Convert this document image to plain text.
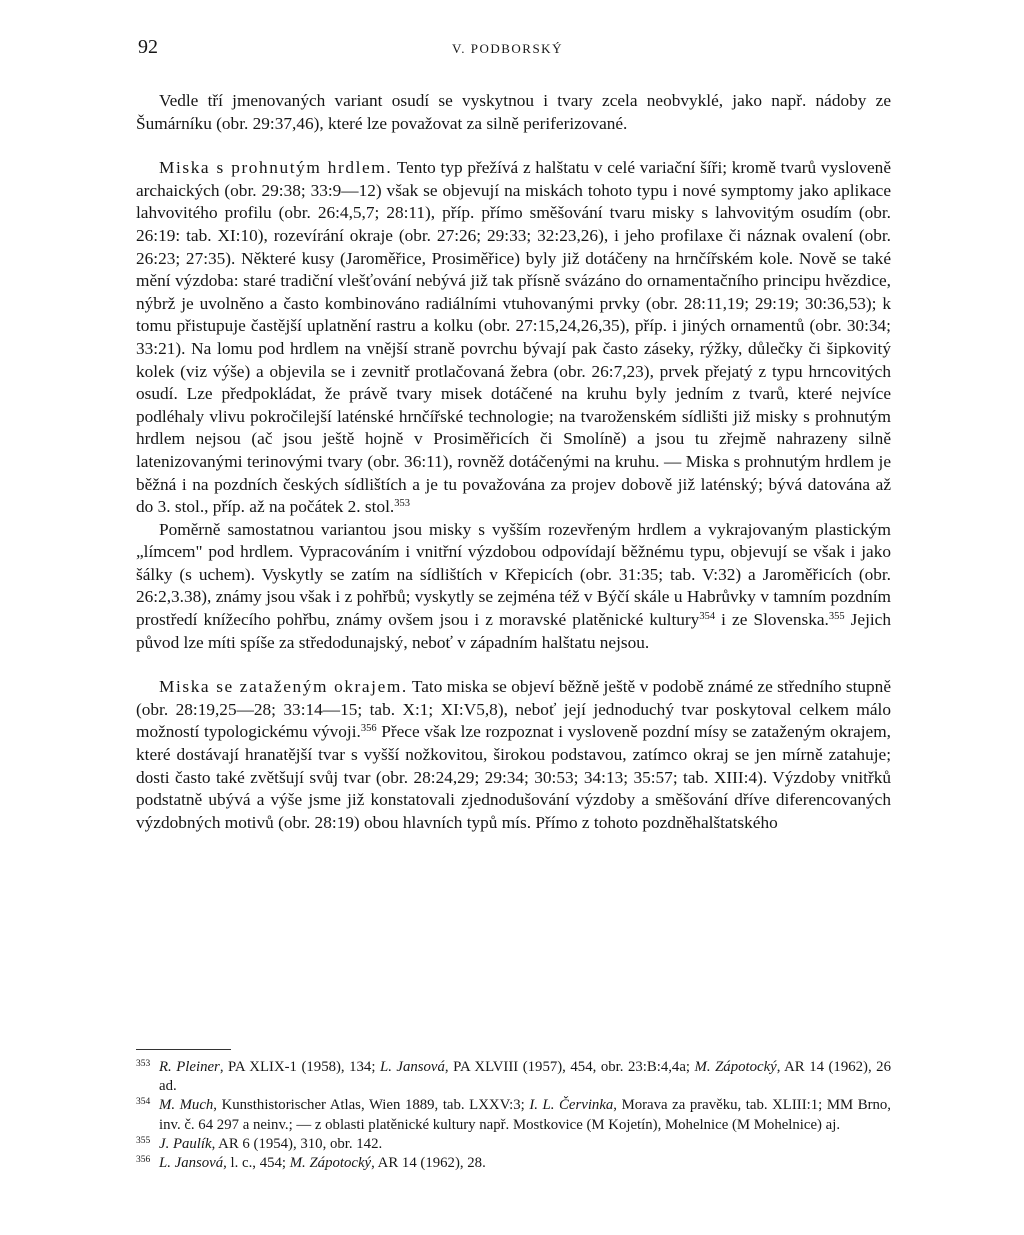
92	V. PODBORSKÝ

Vedle tří jmenovaných variant osudí se vyskytnou i tvary zcela neobvyklé, jako např. nádoby ze Šumárníku (obr. 29:37,46), které lze považovat za silně periferizované.

Miska s prohnutým hrdlem. Tento typ přežívá z halštatu v celé variační šíři; kromě tvarů vysloveně archaických (obr. 29:38; 33:9—12) však se objevují na miskách tohoto typu i nové symptomy jako aplikace lahvovitého profilu (obr. 26:4,5,7; 28:11), příp. přímo směšování tvaru misky s lahvovitým osudím (obr. 26:19: tab. XI:10), rozevírání okraje (obr. 27:26; 29:33; 32:23,26), i jeho profilaxe či náznak ovalení (obr. 26:23; 27:35). Některé kusy (Jaroměřice, Prosiměřice) byly již dotáčeny na hrnčířském kole. Nově se také mění výzdoba: staré tradiční vlešťování nebývá již tak přísně svázáno do ornamentačního principu hvězdice, nýbrž je uvolněno a často kombinováno radiálními vtuhovanými prvky (obr. 28:11,19; 29:19; 30:36,53); k tomu přistupuje častější uplatnění rastru a kolku (obr. 27:15,24,26,35), příp. i jiných ornamentů (obr. 30:34; 33:21). Na lomu pod hrdlem na vnější straně povrchu bývají pak často záseky, rýžky, důlečky či šipkovitý kolek (viz výše) a objevila se i zevnitř protlačovaná žebra (obr. 26:7,23), prvek přejatý z typu hrncovitých osudí. Lze předpokládat, že právě tvary misek dotáčené na kruhu byly jedním z tvarů, které nejvíce podléhaly vlivu pokročilejší laténské hrnčířské technologie; na tvaroženském sídlišti již misky s prohnutým hrdlem nejsou (ač jsou ještě hojně v Prosiměřicích či Smolíně) a jsou tu zřejmě nahrazeny silně latenizovanými terinovými tvary (obr. 36:11), rovněž dotáčenými na kruhu. — Miska s prohnutým hrdlem je běžná i na pozdních českých sídlištích a je tu považována za projev dobově již laténský; bývá datována až do 3. stol., příp. až na počátek 2. stol.$^{353}$

Poměrně samostatnou variantou jsou misky s vyšším rozevřeným hrdlem a vykrajovaným plastickým „límcem" pod hrdlem. Vypracováním i vnitřní výzdobou odpovídají běžnému typu, objevují se však i jako šálky (s uchem). Vyskytly se zatím na sídlištích v Křepicích (obr. 31:35; tab. V:32) a Jaroměřicích (obr. 26:2,3.38), známy jsou však i z pohřbů; vyskytly se zejména též v Býčí skále u Habrůvky v tamním pozdním prostředí knížecího pohřbu, známy ovšem jsou i z moravské platěnické kultury$^{354}$ i ze Slovenska.$^{355}$ Jejich původ lze míti spíše za středodunajský, neboť v západním halštatu nejsou.

Miska se zataženým okrajem. Tato miska se objeví běžně ještě v podobě známé ze středního stupně (obr. 28:19,25—28; 33:14—15; tab. X:1; XI:V5,8), neboť její jednoduchý tvar poskytoval celkem málo možností typologickému vývoji.$^{356}$ Přece však lze rozpoznat i vysloveně pozdní mísy se zataženým okrajem, které dostávají hranatější tvar s vyšší nožkovitou, širokou podstavou, zatímco okraj se jen mírně zatahuje; dosti často také zvětšují svůj tvar (obr. 28:24,29; 29:34; 30:53; 34:13; 35:57; tab. XIII:4). Výzdoby vnitřků podstatně ubývá a výše jsme již konstatovali zjednodušování výzdoby a směšování dříve diferencovaných výzdobných motivů (obr. 28:19) obou hlavních typů mís. Přímo z tohoto pozdněhalštatského

353 R. Pleiner, PA XLIX-1 (1958), 134; L. Jansová, PA XLVIII (1957), 454, obr. 23:B:4,4a; M. Zápotocký, AR 14 (1962), 26 ad.

354 M. Much, Kunsthistorischer Atlas, Wien 1889, tab. LXXV:3; I. L. Červinka, Morava za pravěku, tab. XLIII:1; MM Brno, inv. č. 64 297 a neinv.; — z oblasti platěnické kultury např. Mostkovice (M Kojetín), Mohelnice (M Mohelnice) aj.

355 J. Paulík, AR 6 (1954), 310, obr. 142.

356 L. Jansová, l. c., 454; M. Zápotocký, AR 14 (1962), 28.
